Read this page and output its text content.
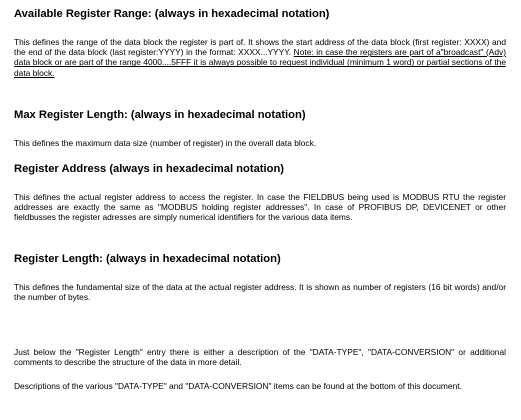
Available Register Range: (always in hexadecimal notation)
This defines the range of the data block the register is part of. It shows the start address of the data block (first register: XXXX) and the end of the data block (last register:YYYY) in the format: XXXX...YYYY. Note: in case the registers are part of a"broadcast" (Adv) data block or are part of the range 4000....5FFF it is always possible to request individual (minimum 1 word) or partial sections of the data block.
Max Register Length: (always in hexadecimal notation)
This defines the maximum data size (number of register) in the overall data block.
Register Address (always in hexadecimal notation)
This defines the actual register address to access the register. In case the FIELDBUS being used is MODBUS RTU the register addresses are exactly the same as "MODBUS holding register addresses". In case of PROFIBUS DP, DEVICENET or other fieldbusses the register adresses are simply numerical identifiers for the various data items.
Register Length: (always in hexadecimal notation)
This defines the fundamental size of the data at the actual register address. It is shown as number of registers (16 bit words) and/or the number of bytes.
Just below the "Register Length" entry there is either a description of the "DATA-TYPE", "DATA-CONVERSION" or additional comments to describe the structure of the data in more detail.
Descriptions of the various "DATA-TYPE" and "DATA-CONVERSION" items can be found at the bottom of this document.
